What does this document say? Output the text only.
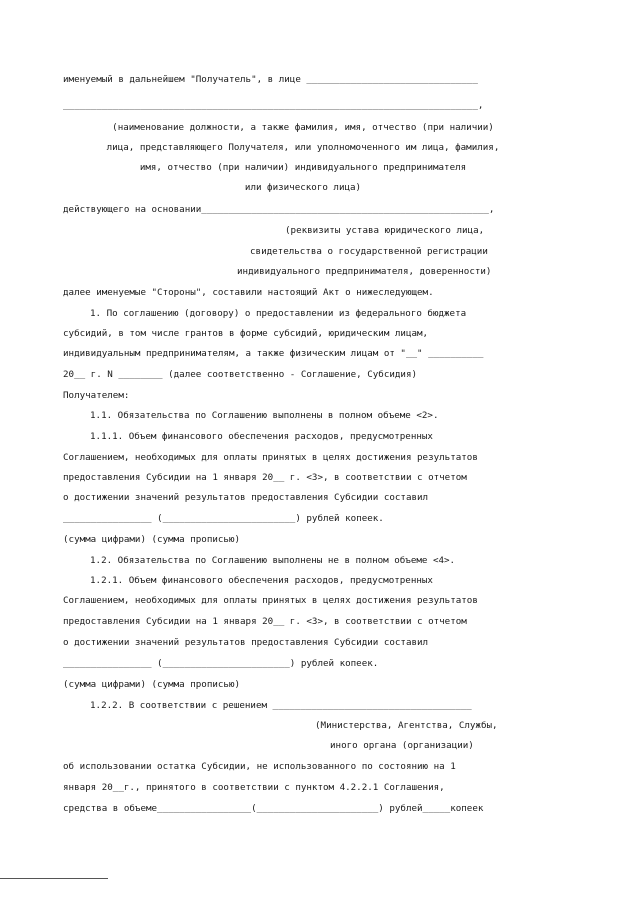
именуемый в дальнейшем "Получатель", в лице _______________________________
___________________________________________________________________________,
(наименование должности, а также фамилия, имя, отчество (при наличии)
лица, представляющего Получателя, или уполномоченного им лица, фамилия,
имя, отчество (при наличии) индивидуального предпринимателя
или физического лица)
действующего на основании____________________________________________________,
(реквизиты устава юридического лица,
свидетельства о государственной регистрации
индивидуального предпринимателя, доверенности)
далее именуемые "Стороны", составили настоящий Акт о нижеследующем.
1. По соглашению (договору) о предоставлении из федерального бюджета
субсидий, в том числе грантов в форме субсидий, юридическим лицам,
индивидуальным предпринимателям, а также физическим лицам от "__" __________
20__ г. N ________ (далее соответственно - Соглашение, Субсидия)
Получателем:
1.1. Обязательства по Соглашению выполнены в полном объеме <2>.
1.1.1. Объем финансового обеспечения расходов, предусмотренных
Соглашением, необходимых для оплаты принятых в целях достижения результатов
предоставления Субсидии на 1 января 20__ г. <3>, в соответствии с отчетом
о достижении значений результатов предоставления Субсидии составил
________________ (________________________) рублей копеек.
(сумма цифрами) (сумма прописью)
1.2. Обязательства по Соглашению выполнены не в полном объеме <4>.
1.2.1. Объем финансового обеспечения расходов, предусмотренных
Соглашением, необходимых для оплаты принятых в целях достижения результатов
предоставления Субсидии на 1 января 20__ г. <3>, в соответствии с отчетом
о достижении значений результатов предоставления Субсидии составил
________________ (_______________________) рублей копеек.
(сумма цифрами) (сумма прописью)
1.2.2. В соответствии с решением ____________________________________
(Министерства, Агентства, Службы,
иного органа (организации)
об использовании остатка Субсидии, не использованного по состоянию на 1
января 20__г., принятого в соответствии с пунктом 4.2.2.1 Соглашения,
средства в объеме_________________(______________________) рублей_____копеек
